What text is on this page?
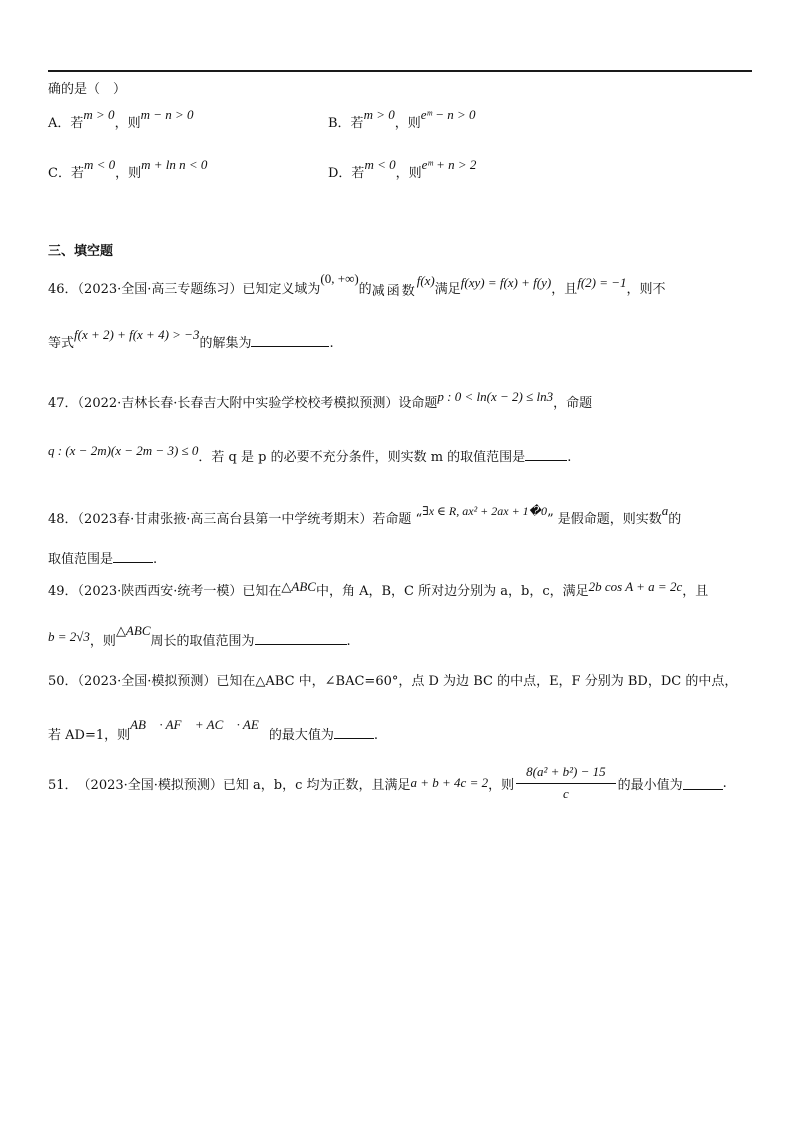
确的是（　）
A．若$^{m > 0}$，则$^{m - n > 0}$
B．若$^{m > 0}$，则$^{eᵐ - n > 0}$
C．若$^{m < 0}$，则$^{m + ln n < 0}$
D．若$^{m < 0}$，则$^{eᵐ + n > 2}$
三、填空题
46．（2023·全国·高三专题练习）已知定义域为$^{(0, +\infty)}$的减函数$^{f(x)}$满足$^{f(xy) = f(x) + f(y)}$，且$^{f(2) = -1}$，则不
等式$^{f(x + 2) + f(x + 4) > -3}$的解集为	.
47．（2022·吉林长春·长春吉大附中实验学校校考模拟预测）设命题$^{p : 0 < ln(x - 2) \le ln3}$，命题
$^{q : (x - 2m)(x - 2m - 3) \le 0}$．若 q 是 p 的必要不充分条件，则实数 m 的取值范围是	.
48．（2023春·甘肃张掖·高三高台县第一中学统考期末）若命题 “$^{\exists x \in R, ax^2 + 2ax + 1�0}$” 是假命题，则实数$^a$的
取值范围是	.
49．（2023·陕西西安·统考一模）已知在$^{\triangle ABC}$中，角 A，B，C 所对边分别为 a，b，c，满足$^{2b cos A + a = 2c}$，且
$^{b = 2√3}$，则$^{\triangle ABC}$周长的取值范围为	.
50．（2023·全国·模拟预测）已知在△ABC 中，∠BAC=60°，点 D 为边 BC 的中点，E，F 分别为 BD，DC 的中点，
若 AD=1，则$^{AB⃗ \cdot AF⃗ + AC⃗ \cdot AE⃗}$的最大值为	.
51． （2023·全国·模拟预测）已知 a，b，c 均为正数，且满足 a + b + 4c = 2 ，则 $\frac{\text{8(a² + b²) − 15}}{c}$ 的最小值为	.
